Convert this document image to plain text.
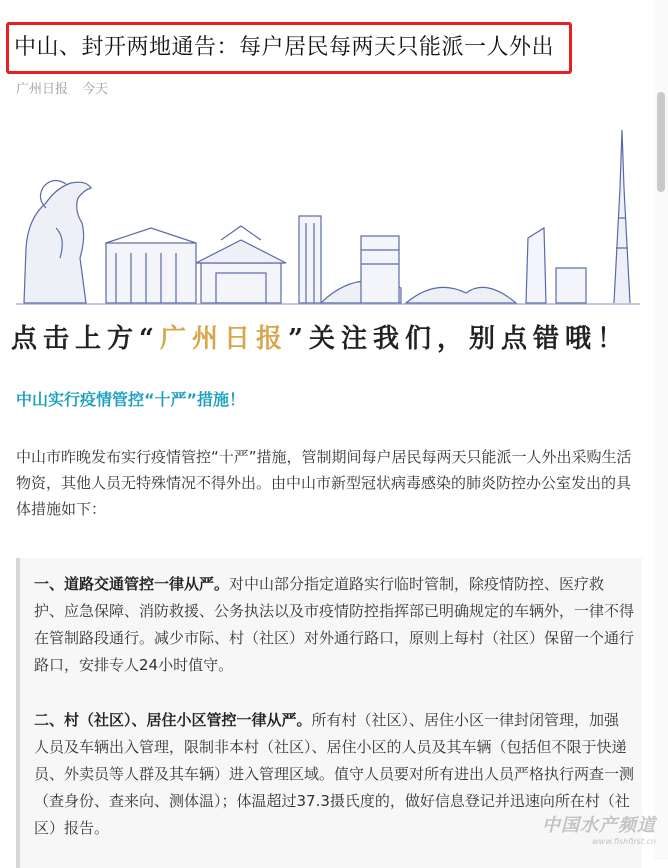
中山、封开两地通告：每户居民每两天只能派一人外出
广州日报 今天
点击上方“广州日报”关注我们，别点错哦！
中山实行疫情管控“十严”措施！
中山市昨晚发布实行疫情管控“十严”措施，管制期间每户居民每两天只能派一人外出采购生活物资，其他人员无特殊情况不得外出。由中山市新型冠状病毒感染的肺炎防控办公室发出的具体措施如下：
一、道路交通管控一律从严。对中山部分指定道路实行临时管制，除疫情防控、医疗救护、应急保障、消防救援、公务执法以及市疫情防控指挥部已明确规定的车辆外，一律不得在管制路段通行。减少市际、村（社区）对外通行路口，原则上每村（社区）保留一个通行路口，安排专人24小时值守。
二、村（社区）、居住小区管控一律从严。所有村（社区）、居住小区一律封闭管理，加强人员及车辆出入管理，限制非本村（社区）、居住小区的人员及其车辆（包括但不限于快递员、外卖员等人群及其车辆）进入管理区域。值守人员要对所有进出人员严格执行两查一测（查身份、查来向、测体温）；体温超过37.3摄氏度的，做好信息登记并迅速向所在村（社区）报告。	中国水产频道
www.fishfirst.cn
